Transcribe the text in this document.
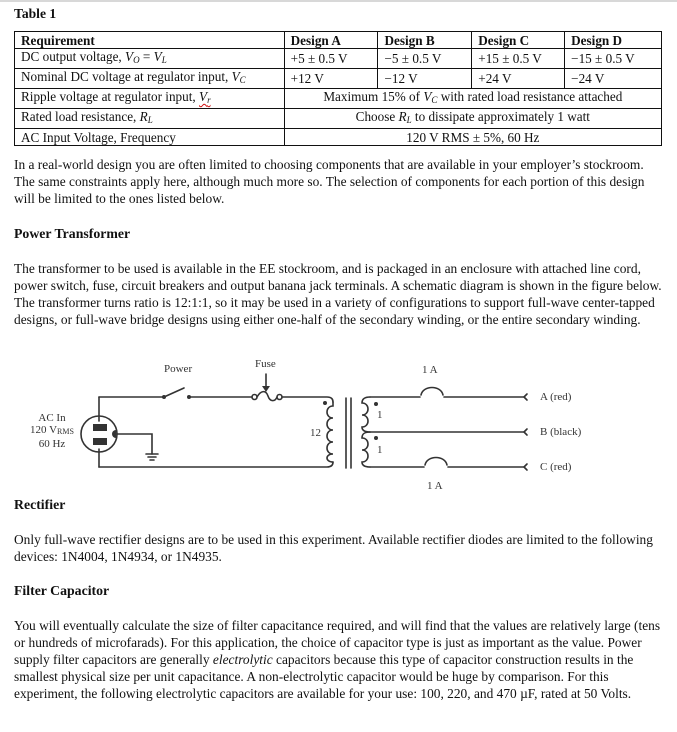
Table 1
Requirement	Design A	Design B	Design C	Design D
DC output voltage, $V_O = V_L$	+5 ± 0.5 V	−5 ± 0.5 V	+15 ± 0.5 V	−15 ± 0.5 V
Nominal DC voltage at regulator input, $V_C$	+12 V	−12 V	+24 V	−24 V
Ripple voltage at regulator input, $V_r$	Maximum 15% of $V_C$ with rated load resistance attached			
Rated load resistance, $R_L$	Choose $R_L$ to dissipate approximately 1 watt			
AC Input Voltage, Frequency	120 V RMS ± 5%, 60 Hz			

In a real-world design you are often limited to choosing components that are available in your employer’s stockroom. The same constraints apply here, although much more so. The selection of components for each portion of this design will be limited to the ones listed below.

Power Transformer

The transformer to be used is available in the EE stockroom, and is packaged in an enclosure with attached line cord, power switch, fuse, circuit breakers and output banana jack terminals. A schematic diagram is shown in the figure below. The transformer turns ratio is 12:1:1, so it may be used in a variety of configurations to support full-wave center-tapped designs, or full-wave bridge designs using either one-half of the secondary winding, or the entire secondary winding.

AC In
120 $V_{RMS}$
60 Hz
Power	Fuse
12
1
1
1 A
1 A
A (red)
B (black)
C (red)
Rectifier

Only full-wave rectifier designs are to be used in this experiment. Available rectifier diodes are limited to the following devices: 1N4004, 1N4934, or 1N4935.

Filter Capacitor

You will eventually calculate the size of filter capacitance required, and will find that the values are relatively large (tens or hundreds of microfarads). For this application, the choice of capacitor type is just as important as the value. Power supply filter capacitors are generally electrolytic capacitors because this type of capacitor construction results in the smallest physical size per unit capacitance. A non-electrolytic capacitor would be huge by comparison. For this experiment, the following electrolytic capacitors are available for your use: 100, 220, and 470 µF, rated at 50 Volts.
